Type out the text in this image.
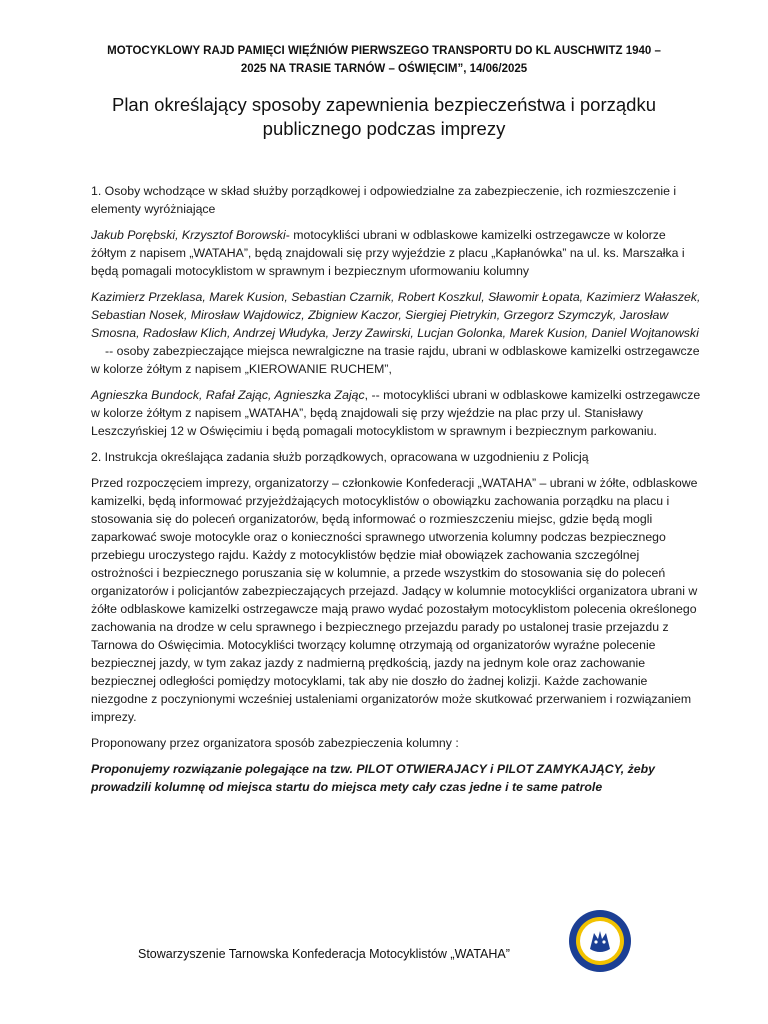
MOTOCYKLOWY RAJD PAMIĘCI WIĘŹNIÓW PIERWSZEGO TRANSPORTU DO KL AUSCHWITZ 1940 –
2025 NA TRASIE TARNÓW – OŚWIĘCIM”, 14/06/2025
Plan określający sposoby zapewnienia bezpieczeństwa i porządku
publicznego podczas imprezy

1. Osoby wchodzące w skład służby porządkowej i odpowiedzialne za zabezpieczenie, ich rozmieszczenie i elementy wyróżniające

Jakub Porębski, Krzysztof Borowski- motocykliści ubrani w odblaskowe kamizelki ostrzegawcze w kolorze żółtym z napisem „WATAHA”, będą znajdowali się przy wyjeździe z placu „Kapłanówka” na ul. ks. Marszałka i będą pomagali motocyklistom w sprawnym i bezpiecznym uformowaniu kolumny

Kazimierz Przeklasa, Marek Kusion, Sebastian Czarnik, Robert Koszkul, Sławomir Łopata, Kazimierz Wałaszek, Sebastian Nosek, Mirosław Wajdowicz, Zbigniew Kaczor, Siergiej Pietrykin, Grzegorz Szymczyk, Jarosław Smosna, Radosław Klich, Andrzej Włudyka, Jerzy Zawirski, Lucjan Golonka, Marek Kusion, Daniel Wojtanowski
-- osoby zabezpieczające miejsca newralgiczne na trasie rajdu, ubrani w odblaskowe kamizelki ostrzegawcze w kolorze żółtym z napisem „KIEROWANIE RUCHEM”,

Agnieszka Bundock, Rafał Zając, Agnieszka Zając, -- motocykliści ubrani w odblaskowe kamizelki ostrzegawcze w kolorze żółtym z napisem „WATAHA”, będą znajdowali się przy wjeździe na plac przy ul. Stanisławy Leszczyńskiej 12 w Oświęcimiu i będą pomagali motocyklistom w sprawnym i bezpiecznym parkowaniu.

2. Instrukcja określająca zadania służb porządkowych, opracowana w uzgodnieniu z Policją

Przed rozpoczęciem imprezy, organizatorzy – członkowie Konfederacji „WATAHA” – ubrani w żółte, odblaskowe kamizelki, będą informować przyjeżdżających motocyklistów o obowiązku zachowania porządku na placu i stosowania się do poleceń organizatorów, będą informować o rozmieszczeniu miejsc, gdzie będą mogli zaparkować swoje motocykle oraz o konieczności sprawnego utworzenia kolumny podczas bezpiecznego przebiegu uroczystego rajdu. Każdy z motocyklistów będzie miał obowiązek zachowania szczególnej ostrożności i bezpiecznego poruszania się w kolumnie, a przede wszystkim do stosowania się do poleceń organizatorów i policjantów zabezpieczających przejazd. Jadący w kolumnie motocykliści organizatora ubrani w żółte odblaskowe kamizelki ostrzegawcze mają prawo wydać pozostałym motocyklistom polecenia określonego zachowania na drodze w celu sprawnego i bezpiecznego przejazdu parady po ustalonej trasie przejazdu z Tarnowa do Oświęcimia. Motocykliści tworzący kolumnę otrzymają od organizatorów wyraźne polecenie bezpiecznej jazdy, w tym zakaz jazdy z nadmierną prędkością, jazdy na jednym kole oraz zachowanie bezpiecznej odległości pomiędzy motocyklami, tak aby nie doszło do żadnej kolizji. Każde zachowanie niezgodne z poczynionymi wcześniej ustaleniami organizatorów może skutkować przerwaniem i rozwiązaniem imprezy.

Proponowany przez organizatora sposób zabezpieczenia kolumny :

Proponujemy rozwiązanie polegające na tzw. PILOT OTWIERAJACY i PILOT ZAMYKAJĄCY, żeby prowadzili kolumnę od miejsca startu do miejsca mety cały czas jedne i te same patrole

Stowarzyszenie Tarnowska Konfederacja Motocyklistów „WATAHA”
